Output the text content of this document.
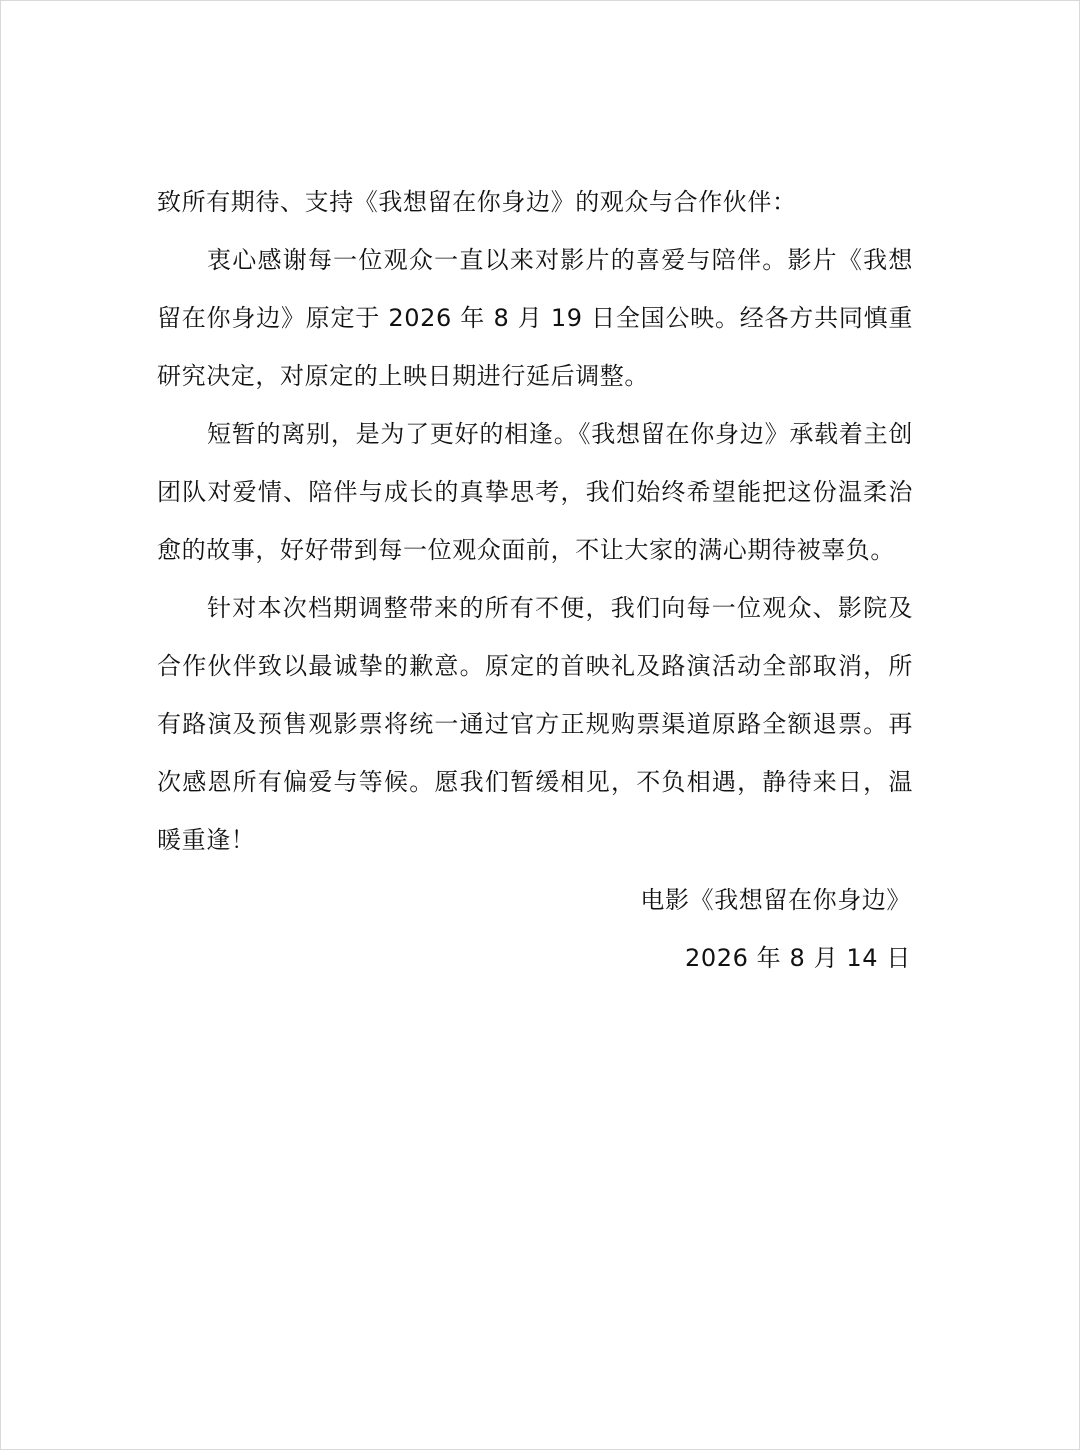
致所有期待、支持《我想留在你身边》的观众与合作伙伴：

衷心感谢每一位观众一直以来对影片的喜爱与陪伴。影片《我想留在你身边》原定于 2026 年 8 月 19 日全国公映。经各方共同慎重研究决定，对原定的上映日期进行延后调整。

短暂的离别，是为了更好的相逢。《我想留在你身边》承载着主创团队对爱情、陪伴与成长的真挚思考，我们始终希望能把这份温柔治愈的故事，好好带到每一位观众面前，不让大家的满心期待被辜负。

针对本次档期调整带来的所有不便，我们向每一位观众、影院及合作伙伴致以最诚挚的歉意。原定的首映礼及路演活动全部取消，所有路演及预售观影票将统一通过官方正规购票渠道原路全额退票。再次感恩所有偏爱与等候。愿我们暂缓相见，不负相遇，静待来日，温暖重逢！

电影《我想留在你身边》

2026 年 8 月 14 日
